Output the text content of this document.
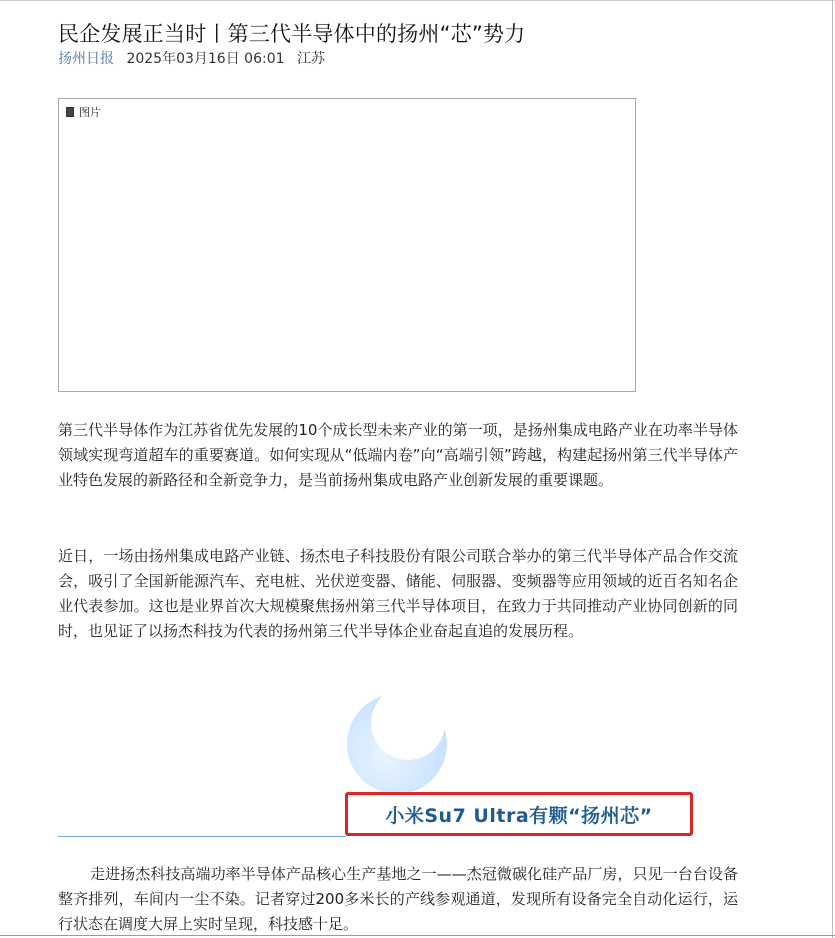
民企发展正当时丨第三代半导体中的扬州“芯”势力
扬州日报 2025年03月16日 06:01 江苏
图片

第三代半导体作为江苏省优先发展的10个成长型未来产业的第一项，是扬州集成电路产业在功率半导体领域实现弯道超车的重要赛道。如何实现从“低端内卷”向“高端引领”跨越，构建起扬州第三代半导体产业特色发展的新路径和全新竞争力，是当前扬州集成电路产业创新发展的重要课题。

近日，一场由扬州集成电路产业链、扬杰电子科技股份有限公司联合举办的第三代半导体产品合作交流会，吸引了全国新能源汽车、充电桩、光伏逆变器、储能、伺服器、变频器等应用领域的近百名知名企业代表参加。这也是业界首次大规模聚焦扬州第三代半导体项目，在致力于共同推动产业协同创新的同时，也见证了以扬杰科技为代表的扬州第三代半导体企业奋起直追的发展历程。

小米Su7 Ultra有颗“扬州芯”

走进扬杰科技高端功率半导体产品核心生产基地之一——杰冠微碳化硅产品厂房，只见一台台设备整齐排列，车间内一尘不染。记者穿过200多米长的产线参观通道，发现所有设备完全自动化运行，运行状态在调度大屏上实时呈现，科技感十足。
